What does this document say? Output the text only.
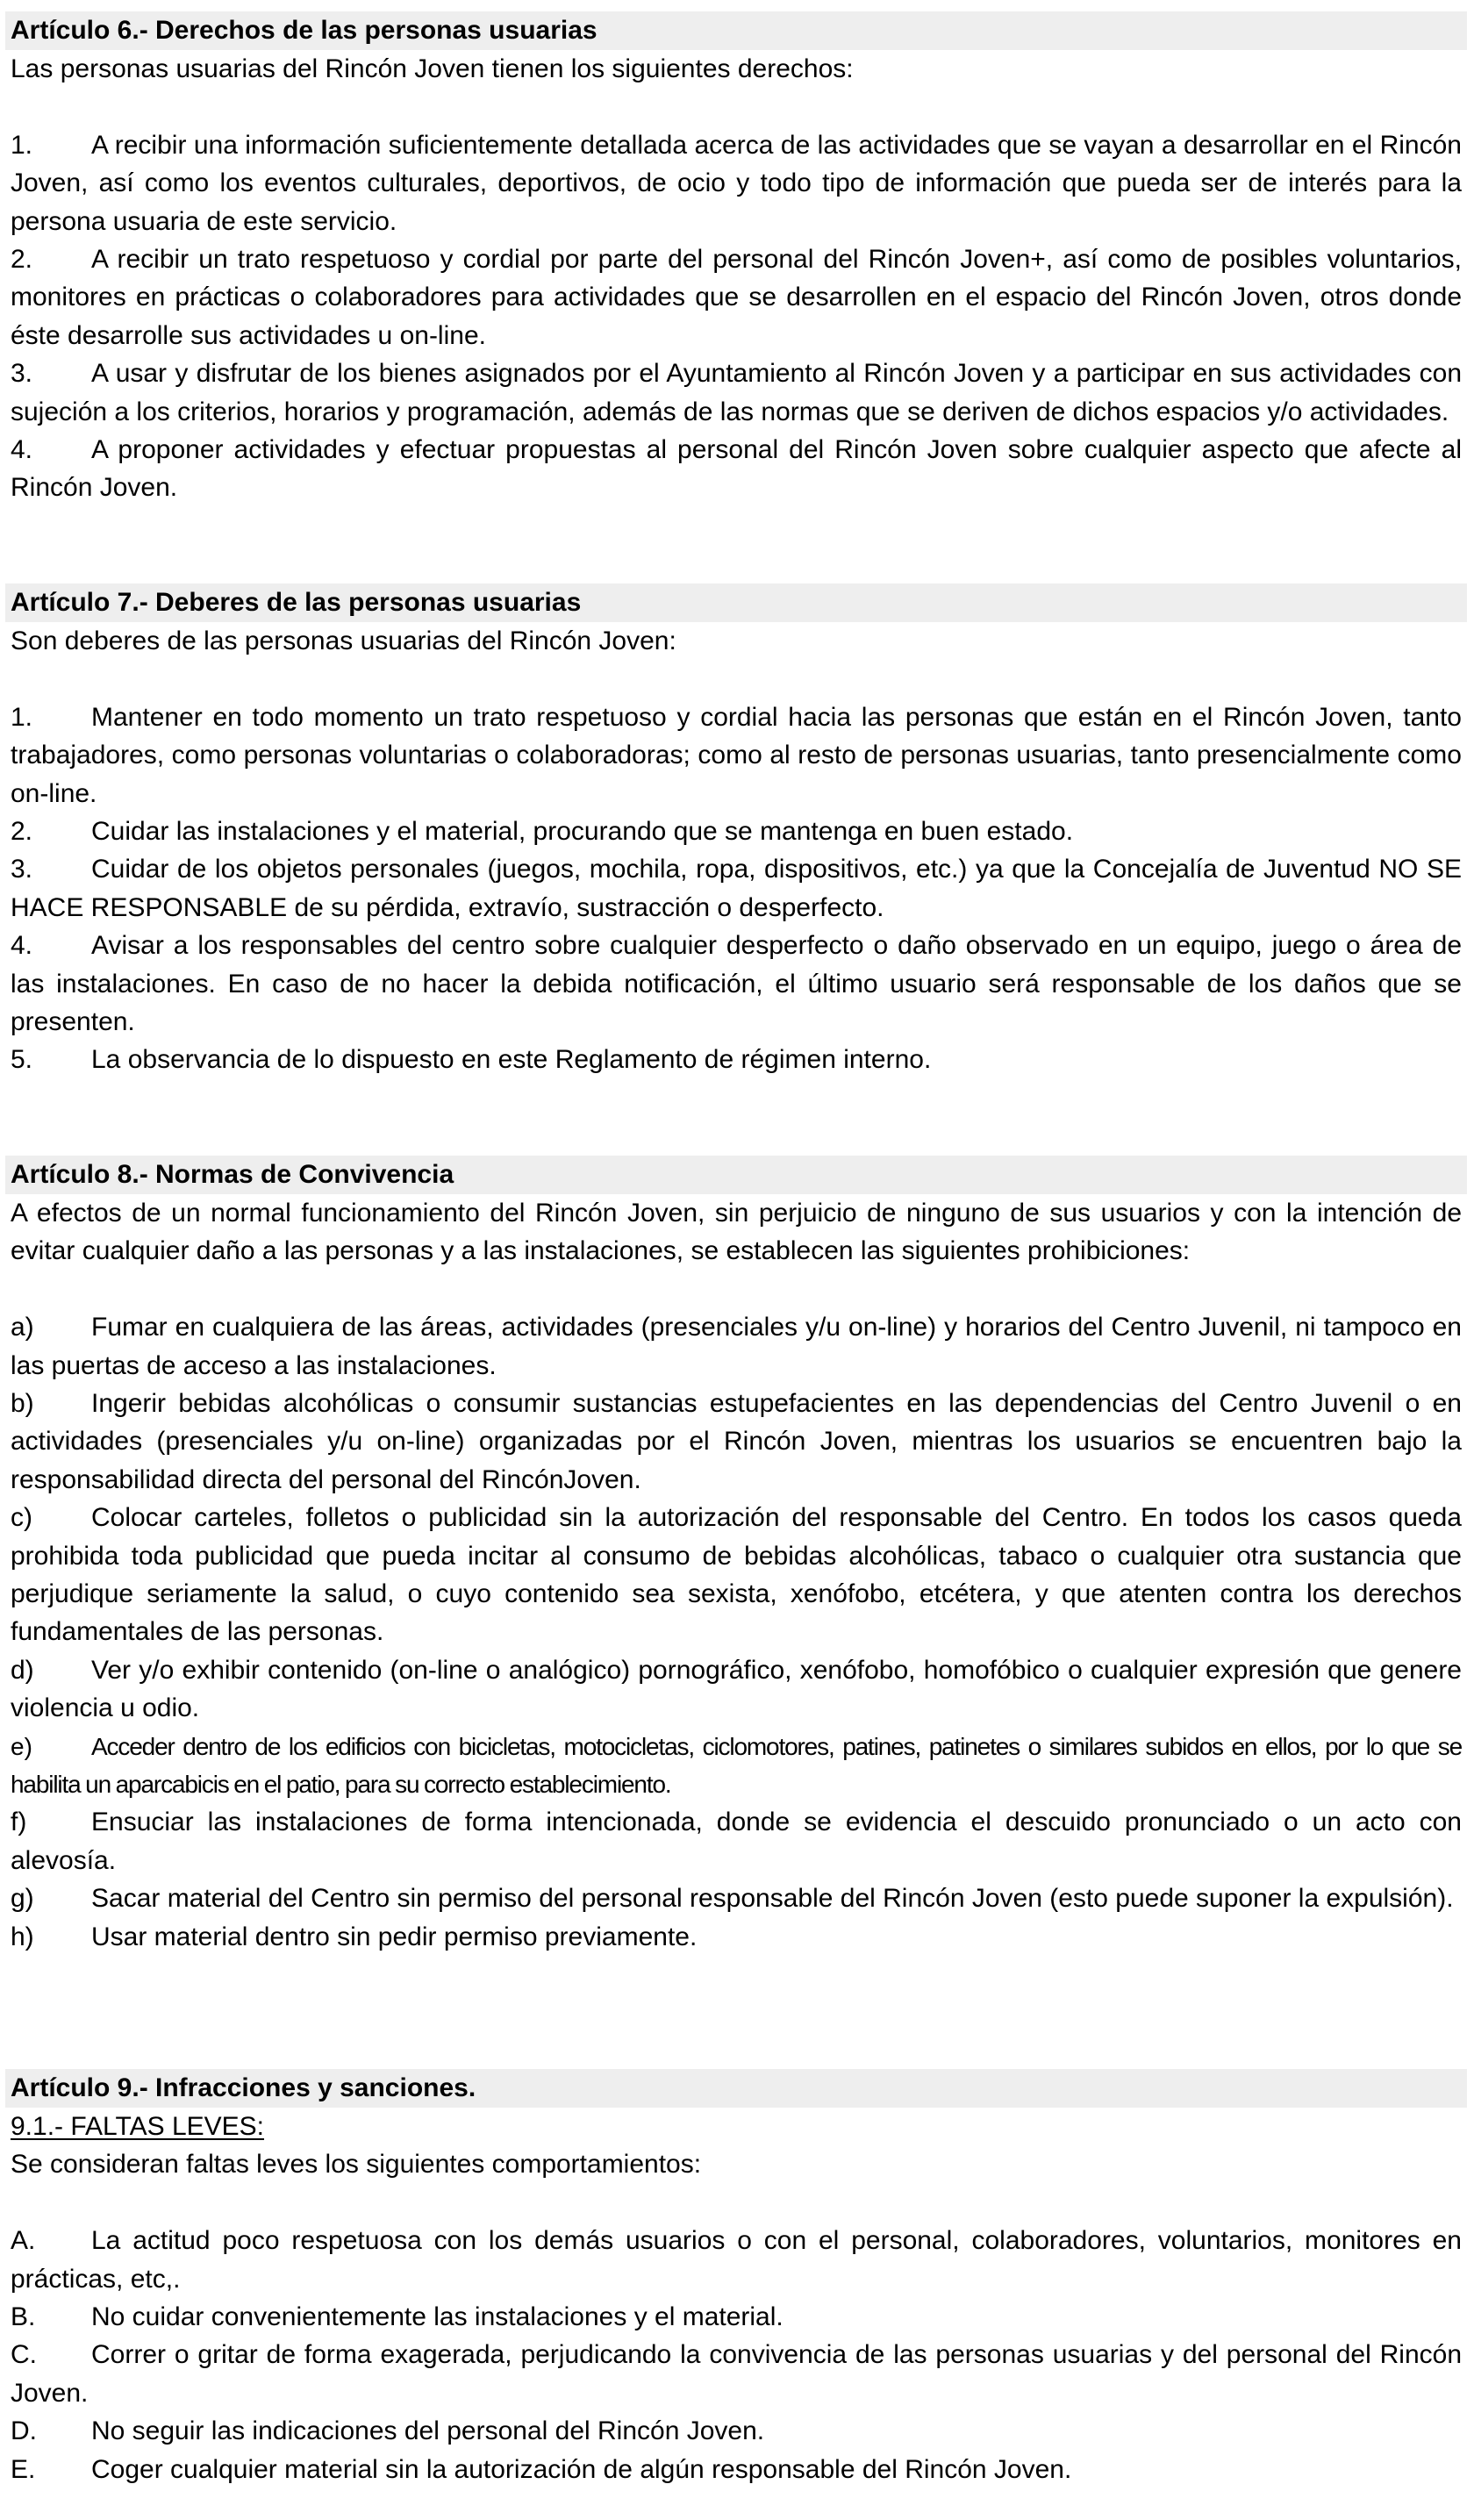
Artículo 6.- Derechos de las personas usuarias
Las personas usuarias del Rincón Joven tienen los siguientes derechos:
1. A recibir una información suficientemente detallada acerca de las actividades que se vayan a desarrollar en el Rincón Joven, así como los eventos culturales, deportivos, de ocio y todo tipo de información que pueda ser de interés para la persona usuaria de este servicio.
2. A recibir un trato respetuoso y cordial por parte del personal del Rincón Joven+, así como de posibles voluntarios, monitores en prácticas o colaboradores para actividades que se desarrollen en el espacio del Rincón Joven, otros donde éste desarrolle sus actividades u on-line.
3. A usar y disfrutar de los bienes asignados por el Ayuntamiento al Rincón Joven y a participar en sus actividades con sujeción a los criterios, horarios y programación, además de las normas que se deriven de dichos espacios y/o actividades.
4. A proponer actividades y efectuar propuestas al personal del Rincón Joven sobre cualquier aspecto que afecte al Rincón Joven.
Artículo 7.- Deberes de las personas usuarias
Son deberes de las personas usuarias del Rincón Joven:
1. Mantener en todo momento un trato respetuoso y cordial hacia las personas que están en el Rincón Joven, tanto trabajadores, como personas voluntarias o colaboradoras; como al resto de personas usuarias, tanto presencialmente como on-line.
2. Cuidar las instalaciones y el material, procurando que se mantenga en buen estado.
3. Cuidar de los objetos personales (juegos, mochila, ropa, dispositivos, etc.) ya que la Concejalía de Juventud NO SE HACE RESPONSABLE de su pérdida, extravío, sustracción o desperfecto.
4. Avisar a los responsables del centro sobre cualquier desperfecto o daño observado en un equipo, juego o área de las instalaciones. En caso de no hacer la debida notificación, el último usuario será responsable de los daños que se presenten.
5. La observancia de lo dispuesto en este Reglamento de régimen interno.
Artículo 8.- Normas de Convivencia
A efectos de un normal funcionamiento del Rincón Joven, sin perjuicio de ninguno de sus usuarios y con la intención de evitar cualquier daño a las personas y a las instalaciones, se establecen las siguientes prohibiciones:
a) Fumar en cualquiera de las áreas, actividades (presenciales y/u on-line) y horarios del Centro Juvenil, ni tampoco en las puertas de acceso a las instalaciones.
b) Ingerir bebidas alcohólicas o consumir sustancias estupefacientes en las dependencias del Centro Juvenil o en actividades (presenciales y/u on-line) organizadas por el Rincón Joven, mientras los usuarios se encuentren bajo la responsabilidad directa del personal del RincónJoven.
c) Colocar carteles, folletos o publicidad sin la autorización del responsable del Centro. En todos los casos queda prohibida toda publicidad que pueda incitar al consumo de bebidas alcohólicas, tabaco o cualquier otra sustancia que perjudique seriamente la salud, o cuyo contenido sea sexista, xenófobo, etcétera, y que atenten contra los derechos fundamentales de las personas.
d) Ver y/o exhibir contenido (on-line o analógico) pornográfico, xenófobo, homofóbico o cualquier expresión que genere violencia u odio.
e) Acceder dentro de los edificios con bicicletas, motocicletas, ciclomotores, patines, patinetes o similares subidos en ellos, por lo que se habilita un aparcabicis en el patio, para su correcto establecimiento.
f) Ensuciar las instalaciones de forma intencionada, donde se evidencia el descuido pronunciado o un acto con alevosía.
g) Sacar material del Centro sin permiso del personal responsable del Rincón Joven (esto puede suponer la expulsión).
h) Usar material dentro sin pedir permiso previamente.
Artículo 9.- Infracciones y sanciones.
9.1.- FALTAS LEVES:
Se consideran faltas leves los siguientes comportamientos:
A. La actitud poco respetuosa con los demás usuarios o con el personal, colaboradores, voluntarios, monitores en prácticas, etc,.
B. No cuidar convenientemente las instalaciones y el material.
C. Correr o gritar de forma exagerada, perjudicando la convivencia de las personas usuarias y del personal del Rincón Joven.
D. No seguir las indicaciones del personal del Rincón Joven.
E. Coger cualquier material sin la autorización de algún responsable del Rincón Joven.
